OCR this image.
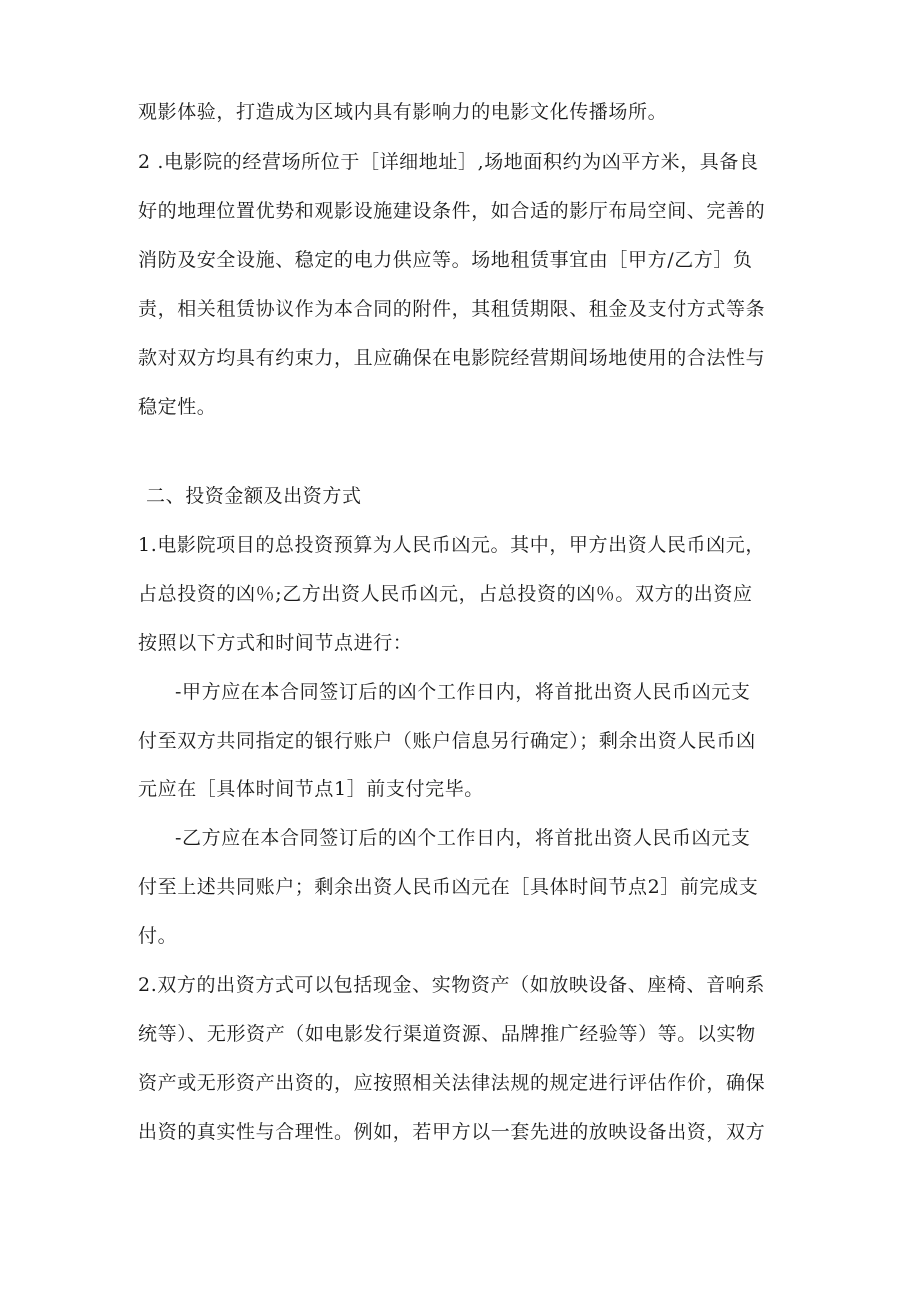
观影体验，打造成为区域内具有影响力的电影文化传播场所。
2 .电影院的经营场所位于［详细地址］,场地面积约为凶平方米，具备良
好的地理位置优势和观影设施建设条件，如合适的影厅布局空间、完善的
消防及安全设施、稳定的电力供应等。场地租赁事宜由［甲方/乙方］负
责，相关租赁协议作为本合同的附件，其租赁期限、租金及支付方式等条
款对双方均具有约束力，且应确保在电影院经营期间场地使用的合法性与
稳定性。
二、投资金额及出资方式
1.电影院项目的总投资预算为人民币凶元。其中，甲方出资人民币凶元，
占总投资的凶％;乙方出资人民币凶元，占总投资的凶％。双方的出资应
按照以下方式和时间节点进行：
-甲方应在本合同签订后的凶个工作日内，将首批出资人民币凶元支
付至双方共同指定的银行账户（账户信息另行确定）；剩余出资人民币凶
元应在［具体时间节点1］前支付完毕。
-乙方应在本合同签订后的凶个工作日内，将首批出资人民币凶元支
付至上述共同账户；剩余出资人民币凶元在［具体时间节点2］前完成支
付。
2.双方的出资方式可以包括现金、实物资产（如放映设备、座椅、音响系
统等）、无形资产（如电影发行渠道资源、品牌推广经验等）等。以实物
资产或无形资产出资的，应按照相关法律法规的规定进行评估作价，确保
出资的真实性与合理性。例如，若甲方以一套先进的放映设备出资，双方
